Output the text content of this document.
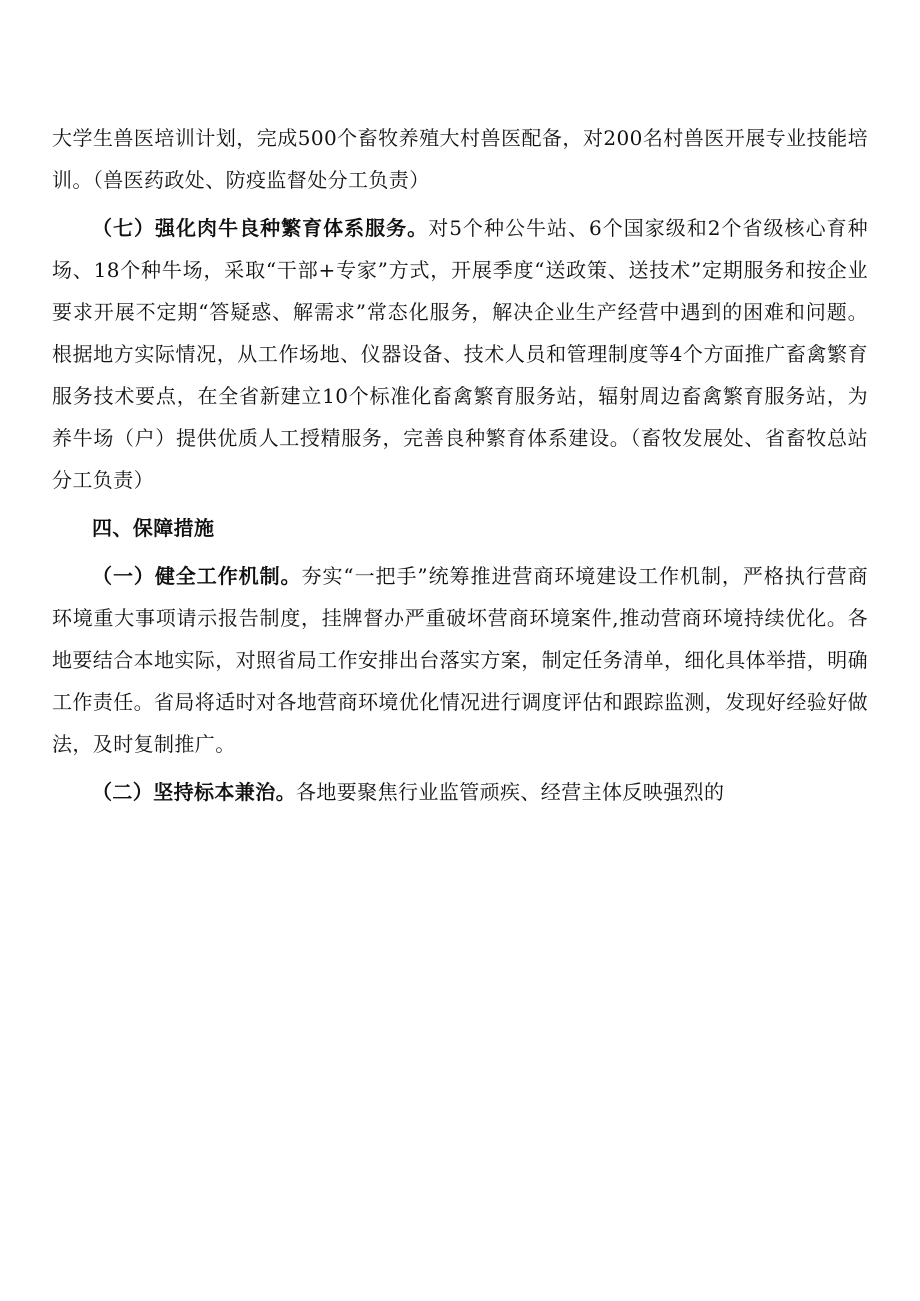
大学生兽医培训计划，完成500个畜牧养殖大村兽医配备，对200名村兽医开展专业技能培训。（兽医药政处、防疫监督处分工负责）

（七）强化肉牛良种繁育体系服务。对5个种公牛站、6个国家级和2个省级核心育种场、18个种牛场，采取“干部+专家”方式，开展季度“送政策、送技术”定期服务和按企业要求开展不定期“答疑惑、解需求”常态化服务，解决企业生产经营中遇到的困难和问题。根据地方实际情况，从工作场地、仪器设备、技术人员和管理制度等4个方面推广畜禽繁育服务技术要点，在全省新建立10个标准化畜禽繁育服务站，辐射周边畜禽繁育服务站，为养牛场（户）提供优质人工授精服务，完善良种繁育体系建设。（畜牧发展处、省畜牧总站分工负责）

四、保障措施

（一）健全工作机制。夯实“一把手”统筹推进营商环境建设工作机制，严格执行营商环境重大事项请示报告制度，挂牌督办严重破坏营商环境案件,推动营商环境持续优化。各地要结合本地实际，对照省局工作安排出台落实方案，制定任务清单，细化具体举措，明确工作责任。省局将适时对各地营商环境优化情况进行调度评估和跟踪监测，发现好经验好做法，及时复制推广。

（二）坚持标本兼治。各地要聚焦行业监管顽疾、经营主体反映强烈的
